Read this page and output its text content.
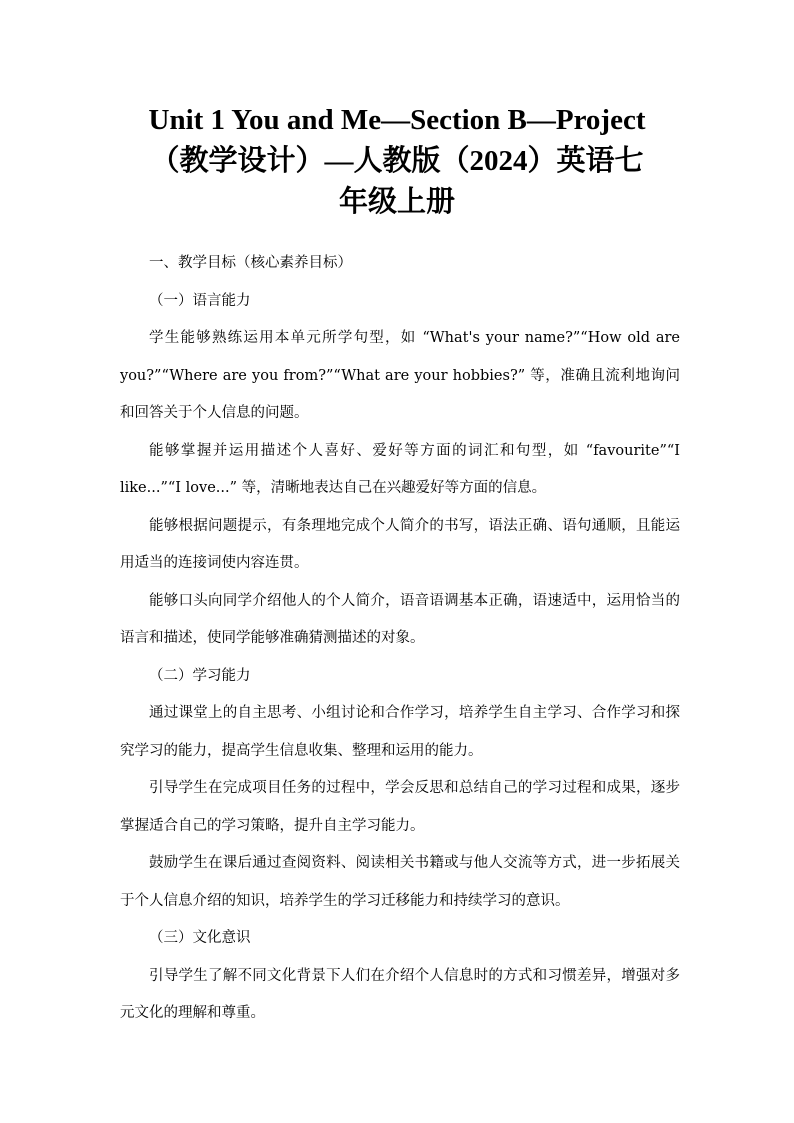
Unit 1 You and Me—Section B—Project
（教学设计）—人教版（2024）英语七
年级上册

一、教学目标（核心素养目标）

（一）语言能力

学生能够熟练运用本单元所学句型，如 “What's your name?”“How old are you?”“Where are you from?”“What are your hobbies?” 等，准确且流利地询问和回答关于个人信息的问题。

能够掌握并运用描述个人喜好、爱好等方面的词汇和句型，如 “favourite”“I like...”“I love...” 等，清晰地表达自己在兴趣爱好等方面的信息。

能够根据问题提示，有条理地完成个人简介的书写，语法正确、语句通顺，且能运用适当的连接词使内容连贯。

能够口头向同学介绍他人的个人简介，语音语调基本正确，语速适中，运用恰当的语言和描述，使同学能够准确猜测描述的对象。

（二）学习能力

通过课堂上的自主思考、小组讨论和合作学习，培养学生自主学习、合作学习和探究学习的能力，提高学生信息收集、整理和运用的能力。

引导学生在完成项目任务的过程中，学会反思和总结自己的学习过程和成果，逐步掌握适合自己的学习策略，提升自主学习能力。

鼓励学生在课后通过查阅资料、阅读相关书籍或与他人交流等方式，进一步拓展关于个人信息介绍的知识，培养学生的学习迁移能力和持续学习的意识。

（三）文化意识

引导学生了解不同文化背景下人们在介绍个人信息时的方式和习惯差异，增强对多元文化的理解和尊重。
